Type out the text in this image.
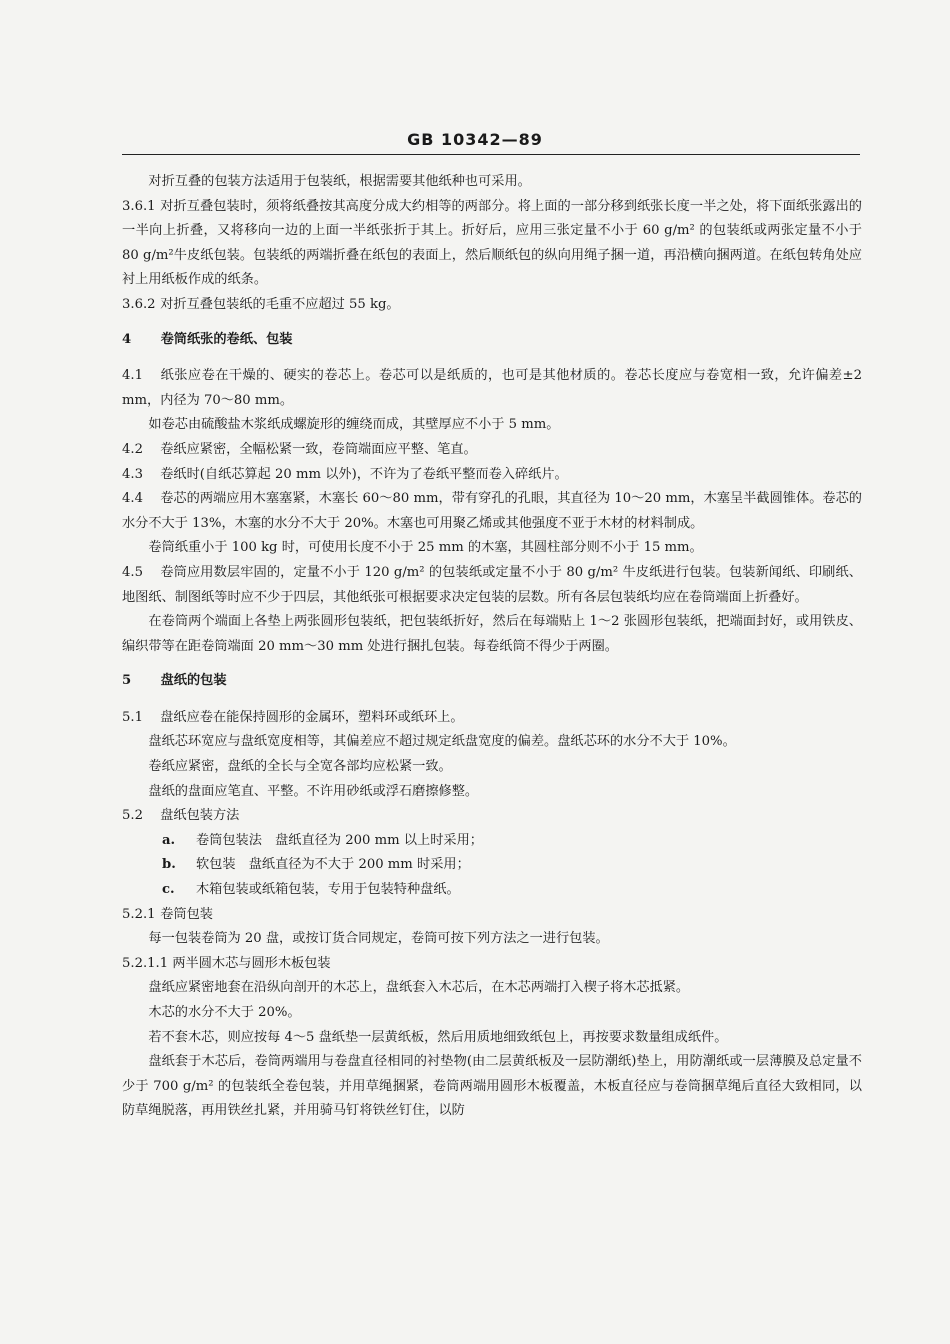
GB 10342—89

对折互叠的包装方法适用于包装纸，根据需要其他纸种也可采用。

3.6.1 对折互叠包装时，须将纸叠按其高度分成大约相等的两部分。将上面的一部分移到纸张长度一半之处，将下面纸张露出的一半向上折叠，又将移向一边的上面一半纸张折于其上。折好后，应用三张定量不小于 60 g/m² 的包装纸或两张定量不小于 80 g/m²牛皮纸包装。包装纸的两端折叠在纸包的表面上，然后顺纸包的纵向用绳子捆一道，再沿横向捆两道。在纸包转角处应衬上用纸板作成的纸条。

3.6.2 对折互叠包装纸的毛重不应超过 55 kg。

4 卷筒纸张的卷纸、包装

4.1 纸张应卷在干燥的、硬实的卷芯上。卷芯可以是纸质的，也可是其他材质的。卷芯长度应与卷宽相一致，允许偏差±2 mm，内径为 70～80 mm。

如卷芯由硫酸盐木浆纸成螺旋形的缠绕而成，其壁厚应不小于 5 mm。

4.2 卷纸应紧密，全幅松紧一致，卷筒端面应平整、笔直。

4.3 卷纸时(自纸芯算起 20 mm 以外)，不许为了卷纸平整而卷入碎纸片。

4.4 卷芯的两端应用木塞塞紧，木塞长 60～80 mm，带有穿孔的孔眼，其直径为 10～20 mm，木塞呈半截圆锥体。卷芯的水分不大于 13%，木塞的水分不大于 20%。木塞也可用聚乙烯或其他强度不亚于木材的材料制成。

卷筒纸重小于 100 kg 时，可使用长度不小于 25 mm 的木塞，其圆柱部分则不小于 15 mm。

4.5 卷筒应用数层牢固的，定量不小于 120 g/m² 的包装纸或定量不小于 80 g/m² 牛皮纸进行包装。包装新闻纸、印刷纸、地图纸、制图纸等时应不少于四层，其他纸张可根据要求决定包装的层数。所有各层包装纸均应在卷筒端面上折叠好。

在卷筒两个端面上各垫上两张圆形包装纸，把包装纸折好，然后在每端贴上 1～2 张圆形包装纸，把端面封好，或用铁皮、编织带等在距卷筒端面 20 mm～30 mm 处进行捆扎包装。每卷纸筒不得少于两圈。

5 盘纸的包装

5.1 盘纸应卷在能保持圆形的金属环，塑料环或纸环上。

盘纸芯环宽应与盘纸宽度相等，其偏差应不超过规定纸盘宽度的偏差。盘纸芯环的水分不大于 10%。

卷纸应紧密，盘纸的全长与全宽各部均应松紧一致。

盘纸的盘面应笔直、平整。不许用砂纸或浮石磨擦修整。

5.2 盘纸包装方法

a. 卷筒包装法　盘纸直径为 200 mm 以上时采用；

b. 软包装　盘纸直径为不大于 200 mm 时采用；

c. 木箱包装或纸箱包装，专用于包装特种盘纸。

5.2.1 卷筒包装

每一包装卷筒为 20 盘，或按订货合同规定，卷筒可按下列方法之一进行包装。

5.2.1.1 两半圆木芯与圆形木板包装

盘纸应紧密地套在沿纵向剖开的木芯上，盘纸套入木芯后，在木芯两端打入楔子将木芯抵紧。

木芯的水分不大于 20%。

若不套木芯，则应按每 4～5 盘纸垫一层黄纸板，然后用质地细致纸包上，再按要求数量组成纸件。

盘纸套于木芯后，卷筒两端用与卷盘直径相同的衬垫物(由二层黄纸板及一层防潮纸)垫上，用防潮纸或一层薄膜及总定量不少于 700 g/m² 的包装纸全卷包装，并用草绳捆紧，卷筒两端用圆形木板覆盖，木板直径应与卷筒捆草绳后直径大致相同，以防草绳脱落，再用铁丝扎紧，并用骑马钉将铁丝钉住，以防
